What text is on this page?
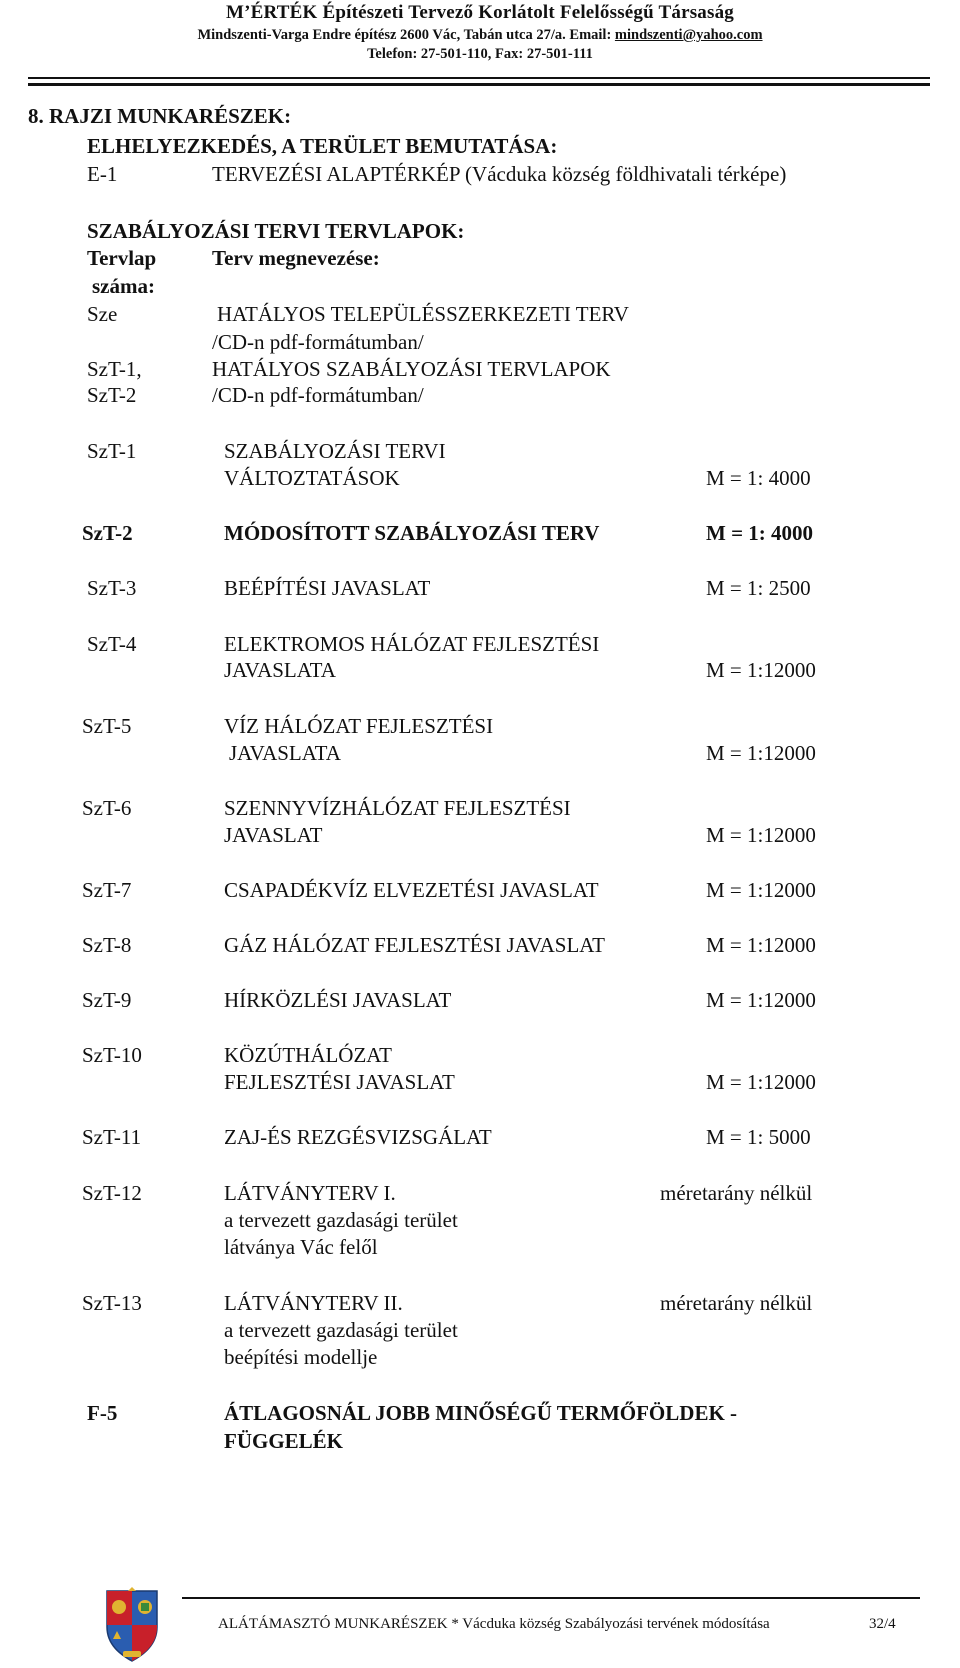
M’ÉRTÉK Építészeti Tervező Korlátolt Felelősségű Társaság
Mindszenti-Varga Endre építész 2600 Vác, Tabán utca 27/a. Email: mindszenti@yahoo.com
Telefon: 27-501-110, Fax: 27-501-111
8. RAJZI MUNKARÉSZEK:
ELHELYEZKEDÉS, A TERÜLET BEMUTATÁSA:
E-1	TERVEZÉSI ALAPTÉRKÉP (Vácduka község földhivatali térképe)
SZABÁLYOZÁSI TERVI TERVLAPOK:
Tervlap	Terv megnevezése:
száma:
Sze	HATÁLYOS TELEPÜLÉSSZERKEZETI TERV
/CD-n pdf-formátumban/
SzT-1,	HATÁLYOS SZABÁLYOZÁSI TERVLAPOK
SzT-2	/CD-n pdf-formátumban/
SzT-1	SZABÁLYOZÁSI TERVI
VÁLTOZTATÁSOK	M = 1: 4000
SzT-2	MÓDOSÍTOTT SZABÁLYOZÁSI TERV	M = 1: 4000
SzT-3	BEÉPÍTÉSI JAVASLAT	M = 1: 2500
SzT-4	ELEKTROMOS HÁLÓZAT FEJLESZTÉSI
JAVASLATA	M = 1:12000
SzT-5	VÍZ HÁLÓZAT FEJLESZTÉSI
JAVASLATA	M = 1:12000
SzT-6	SZENNYVÍZHÁLÓZAT FEJLESZTÉSI
JAVASLAT	M = 1:12000
SzT-7	CSAPADÉKVÍZ ELVEZETÉSI JAVASLAT	M = 1:12000
SzT-8	GÁZ HÁLÓZAT FEJLESZTÉSI JAVASLAT	M = 1:12000
SzT-9	HÍRKÖZLÉSI JAVASLAT	M = 1:12000
SzT-10	KÖZÚTHÁLÓZAT
FEJLESZTÉSI JAVASLAT	M = 1:12000
SzT-11	ZAJ-ÉS REZGÉSVIZSGÁLAT	M = 1: 5000
SzT-12	LÁTVÁNYTERV I.	méretarány nélkül
a tervezett gazdasági terület
látványa Vác felől
SzT-13	LÁTVÁNYTERV II.	méretarány nélkül
a tervezett gazdasági terület
beépítési modellje
F-5	ÁTLAGOSNÁL JOBB MINŐSÉGŰ TERMŐFÖLDEK -
FÜGGELÉK
ALÁTÁMASZTÓ MUNKARÉSZEK * Vácduka község Szabályozási tervének módosítása	32/4
